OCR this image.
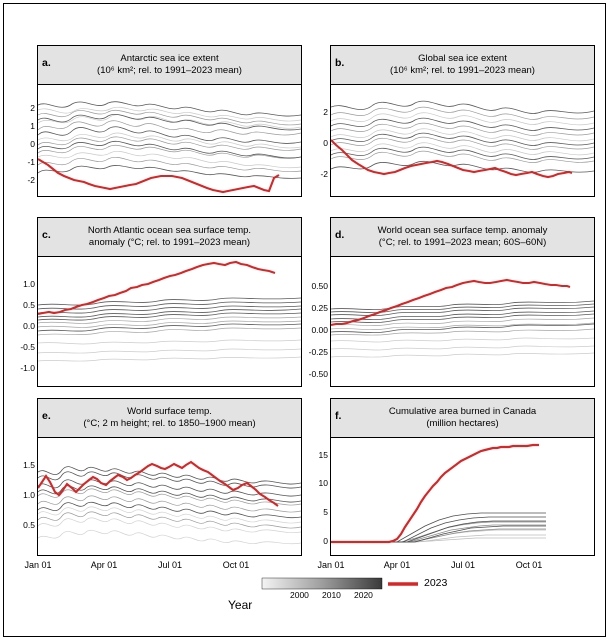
Antarctic sea ice extent
(10⁶ km²; rel. to 1991–2023 mean)
a.
2
1
0
-1
-2
Global sea ice extent
(10⁶ km²; rel. to 1991–2023 mean)
b.
2
0
-2
North Atlantic ocean sea surface temp.
anomaly (°C; rel. to 1991–2023 mean)
c.
1.0
0.5
0.0
-0.5
-1.0
World ocean sea surface temp. anomaly
(°C; rel. to 1991–2023 mean; 60S–60N)
d.
0.50
0.25
0.00
-0.25
-0.50
World surface temp.
(°C; 2 m height; rel. to 1850–1900 mean)
e.
1.5
1.0
0.5
Cumulative area burned in Canada
(million hectares)
f.
15
10
5
0
Jan 01	Apr 01	Jul 01	Oct 01	Jan 01	Apr 01	Jul 01	Oct 01
2000 2010 2020
Year
2023
